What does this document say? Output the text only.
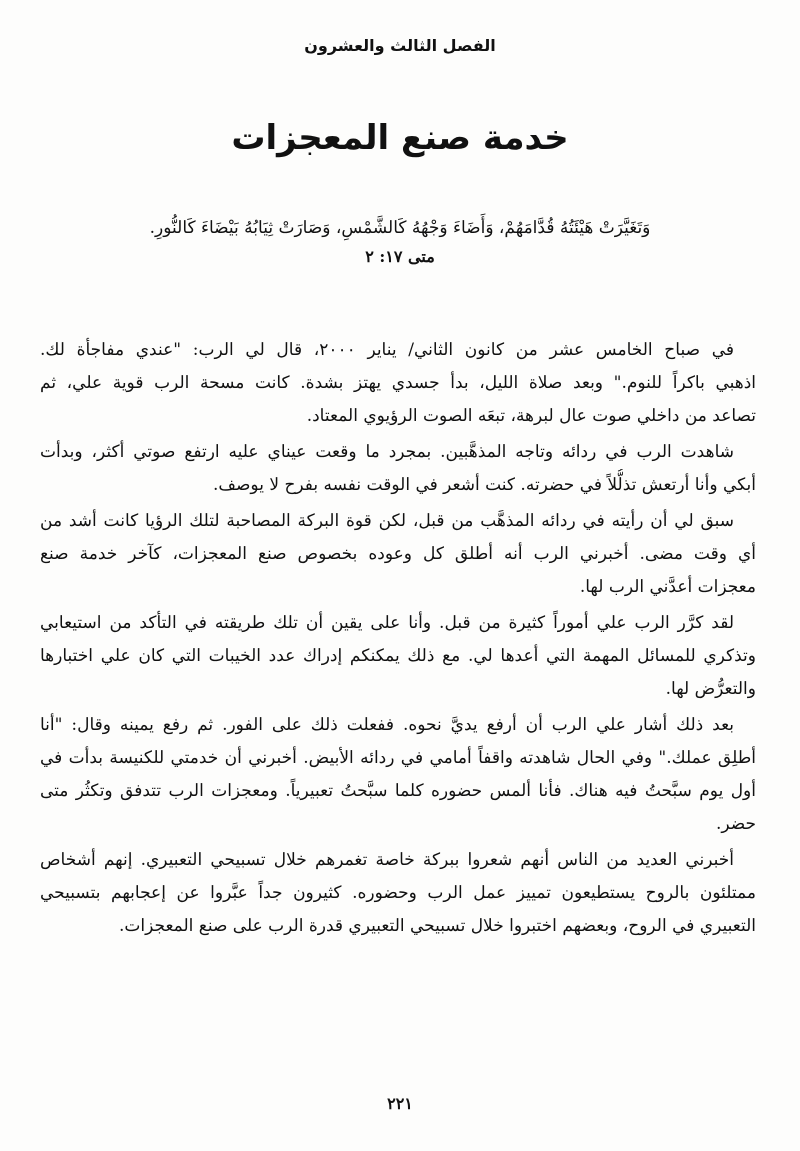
الفصل الثالث والعشرون
خدمة صنع المعجزات
وَتَغَيَّرَتْ هَيْئَتُهُ قُدَّامَهُمْ، وَأَضَاءَ وَجْهُهُ كَالشَّمْسِ، وَصَارَتْ ثِيَابُهُ بَيْضَاءَ كَالنُّورِ.
متى ١٧: ٢
في صباح الخامس عشر من كانون الثاني/ يناير ٢٠٠٠، قال لي الرب: "عندي مفاجأة لك.
اذهبي باكراً للنوم." وبعد صلاة الليل، بدأ جسدي يهتز بشدة. كانت مسحة الرب قوية علي، ثم
تصاعد من داخلي صوت عال لبرهة، تبعَه الصوت الرؤيوي المعتاد.
شاهدت الرب في ردائه وتاجه المذهَّبين. بمجرد ما وقعت عيناي عليه ارتفع صوتي أكثر، وبدأت
أبكي وأنا أرتعش تذلُّلاً في حضرته. كنت أشعر في الوقت نفسه بفرح لا يوصف.
سبق لي أن رأيته في ردائه المذهَّب من قبل، لكن قوة البركة المصاحبة لتلك الرؤيا كانت أشد من
أي وقت مضى. أخبرني الرب أنه أطلق كل وعوده بخصوص صنع المعجزات، كآخر خدمة صنع
معجزات أعدَّني الرب لها.
لقد كرَّر الرب علي أموراً كثيرة من قبل. وأنا على يقين أن تلك طريقته في التأكد من استيعابي
وتذكري للمسائل المهمة التي أعدها لي. مع ذلك يمكنكم إدراك عدد الخيبات التي كان علي اختبارها
والتعرُّض لها.
بعد ذلك أشار علي الرب أن أرفع يديَّ نحوه. ففعلت ذلك على الفور. ثم رفع يمينه وقال: "أنا
أطلِق عملك." وفي الحال شاهدته واقفاً أمامي في ردائه الأبيض. أخبرني أن خدمتي للكنيسة بدأت في
أول يوم سبَّحتُ فيه هناك. فأنا ألمس حضوره كلما سبَّحتُ تعبيرياً. ومعجزات الرب تتدفق وتكثُر متى
حضر.
أخبرني العديد من الناس أنهم شعروا ببركة خاصة تغمرهم خلال تسبيحي التعبيري. إنهم أشخاص
ممتلئون بالروح يستطيعون تمييز عمل الرب وحضوره. كثيرون جداً عبَّروا عن إعجابهم بتسبيحي
التعبيري في الروح، وبعضهم اختبروا خلال تسبيحي التعبيري قدرة الرب على صنع المعجزات.
٢٢١
